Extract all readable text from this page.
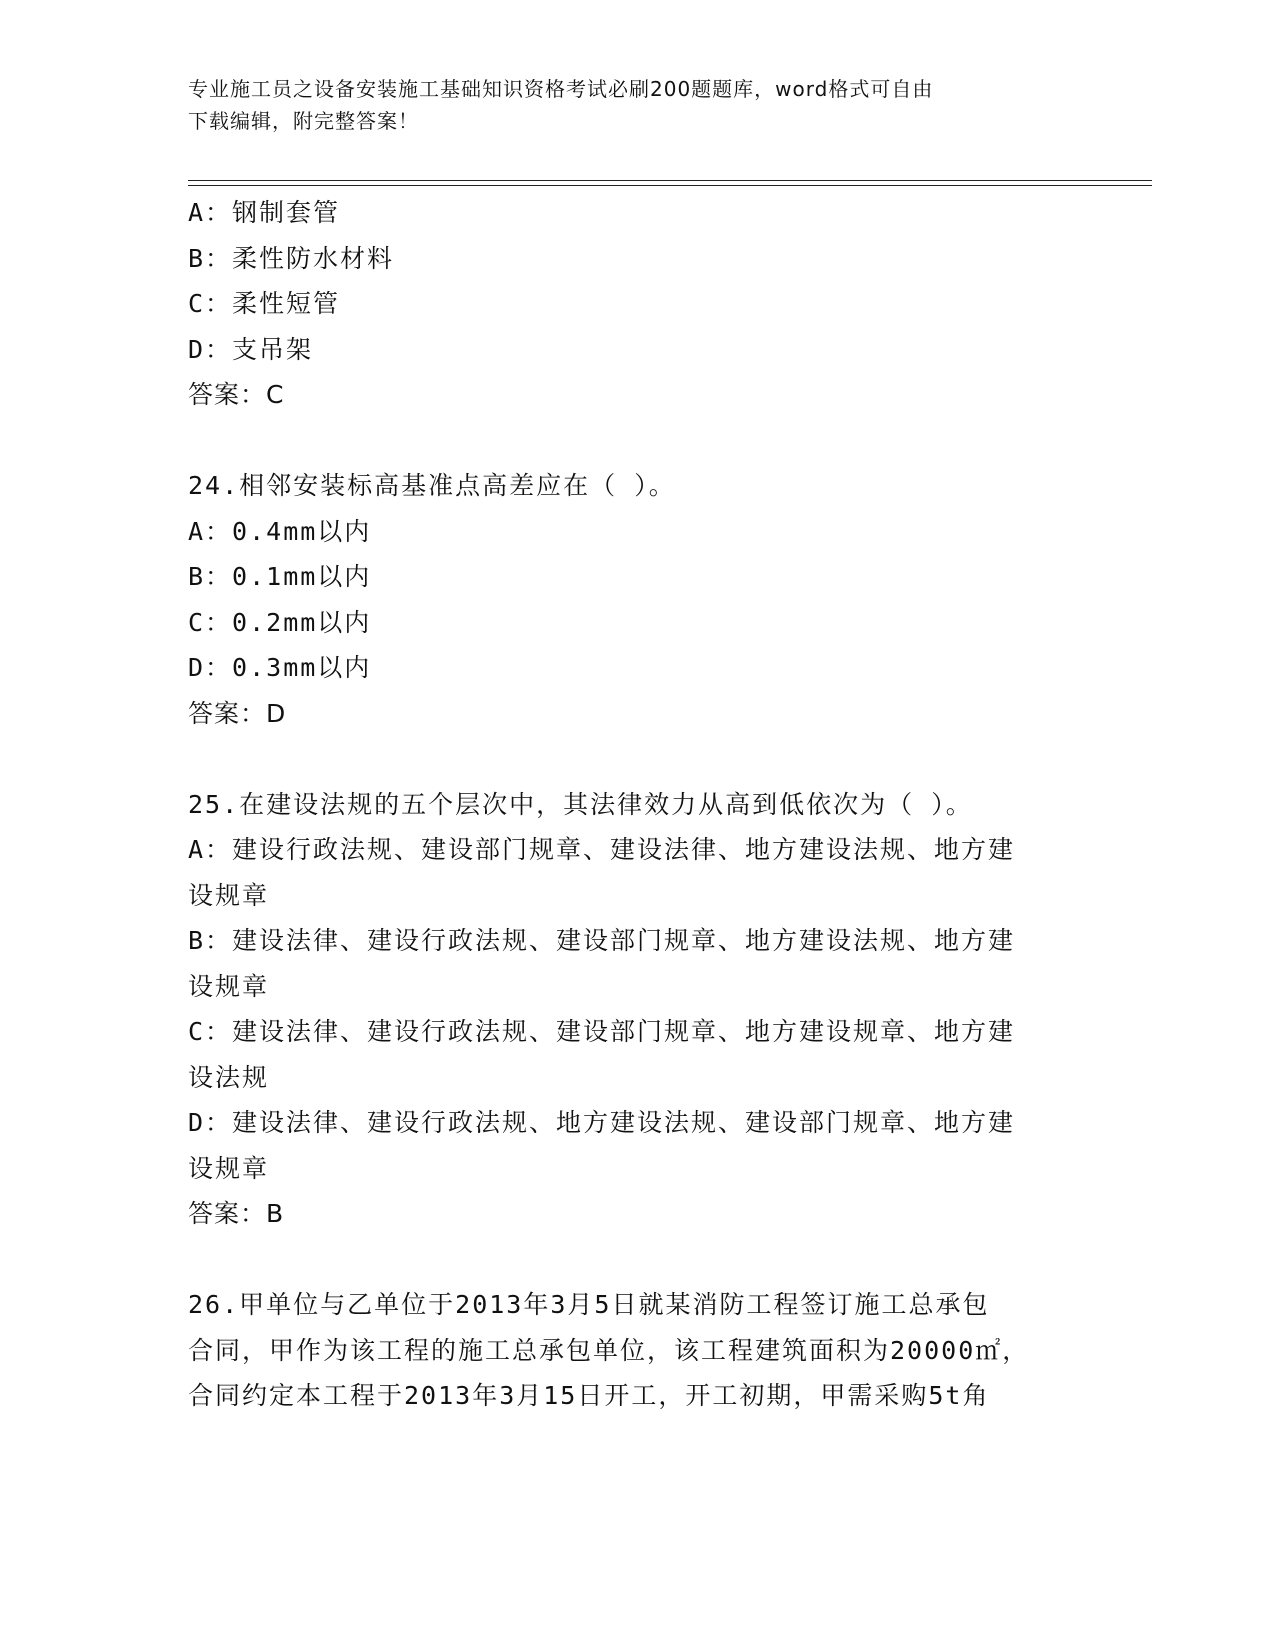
专业施工员之设备安装施工基础知识资格考试必刷200题题库，word格式可自由
下载编辑，附完整答案！

A：钢制套管

B：柔性防水材料

C：柔性短管

D：支吊架

答案：C

24.相邻安装标高基准点高差应在（ ）。

A：0.4mm以内

B：0.1mm以内

C：0.2mm以内

D：0.3mm以内

答案：D

25.在建设法规的五个层次中，其法律效力从高到低依次为（ ）。

A：建设行政法规、建设部门规章、建设法律、地方建设法规、地方建

设规章

B：建设法律、建设行政法规、建设部门规章、地方建设法规、地方建

设规章

C：建设法律、建设行政法规、建设部门规章、地方建设规章、地方建

设法规

D：建设法律、建设行政法规、地方建设法规、建设部门规章、地方建

设规章

答案：B

26.甲单位与乙单位于2013年3月5日就某消防工程签订施工总承包

合同，甲作为该工程的施工总承包单位，该工程建筑面积为20000㎡，

合同约定本工程于2013年3月15日开工，开工初期，甲需采购5t角
